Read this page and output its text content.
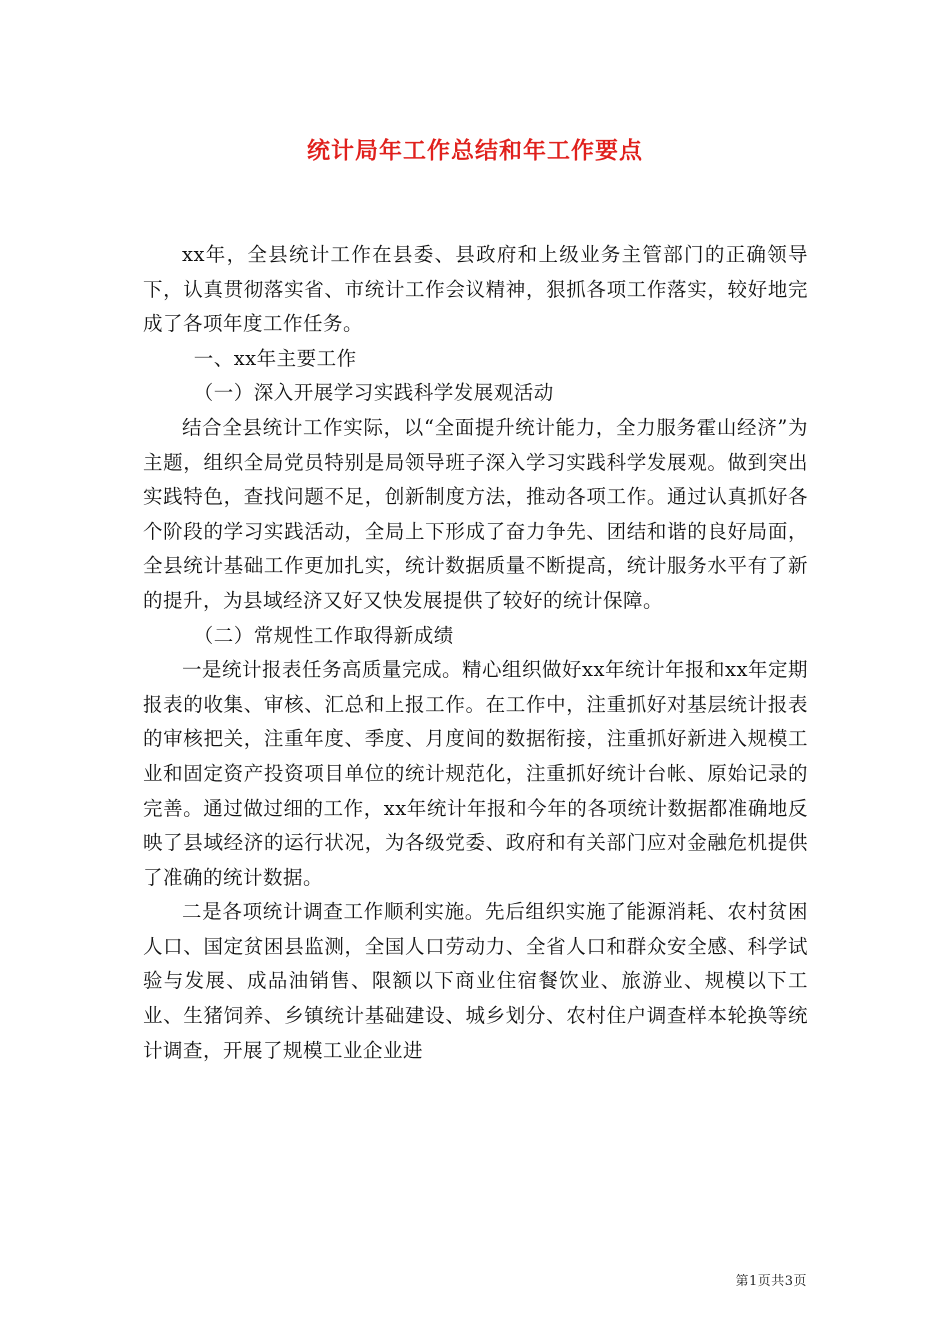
统计局年工作总结和年工作要点

xx年，全县统计工作在县委、县政府和上级业务主管部门的正确领导下，认真贯彻落实省、市统计工作会议精神，狠抓各项工作落实，较好地完成了各项年度工作任务。

一、xx年主要工作

（一）深入开展学习实践科学发展观活动

结合全县统计工作实际，以“全面提升统计能力，全力服务霍山经济”为主题，组织全局党员特别是局领导班子深入学习实践科学发展观。做到突出实践特色，查找问题不足，创新制度方法，推动各项工作。通过认真抓好各个阶段的学习实践活动，全局上下形成了奋力争先、团结和谐的良好局面，全县统计基础工作更加扎实，统计数据质量不断提高，统计服务水平有了新的提升，为县域经济又好又快发展提供了较好的统计保障。

（二）常规性工作取得新成绩

一是统计报表任务高质量完成。精心组织做好xx年统计年报和xx年定期报表的收集、审核、汇总和上报工作。在工作中，注重抓好对基层统计报表的审核把关，注重年度、季度、月度间的数据衔接，注重抓好新进入规模工业和固定资产投资项目单位的统计规范化，注重抓好统计台帐、原始记录的完善。通过做过细的工作，xx年统计年报和今年的各项统计数据都准确地反映了县域经济的运行状况，为各级党委、政府和有关部门应对金融危机提供了准确的统计数据。

二是各项统计调查工作顺利实施。先后组织实施了能源消耗、农村贫困人口、国定贫困县监测，全国人口劳动力、全省人口和群众安全感、科学试验与发展、成品油销售、限额以下商业住宿餐饮业、旅游业、规模以下工业、生猪饲养、乡镇统计基础建设、城乡划分、农村住户调查样本轮换等统计调查，开展了规模工业企业进

第1页共3页
